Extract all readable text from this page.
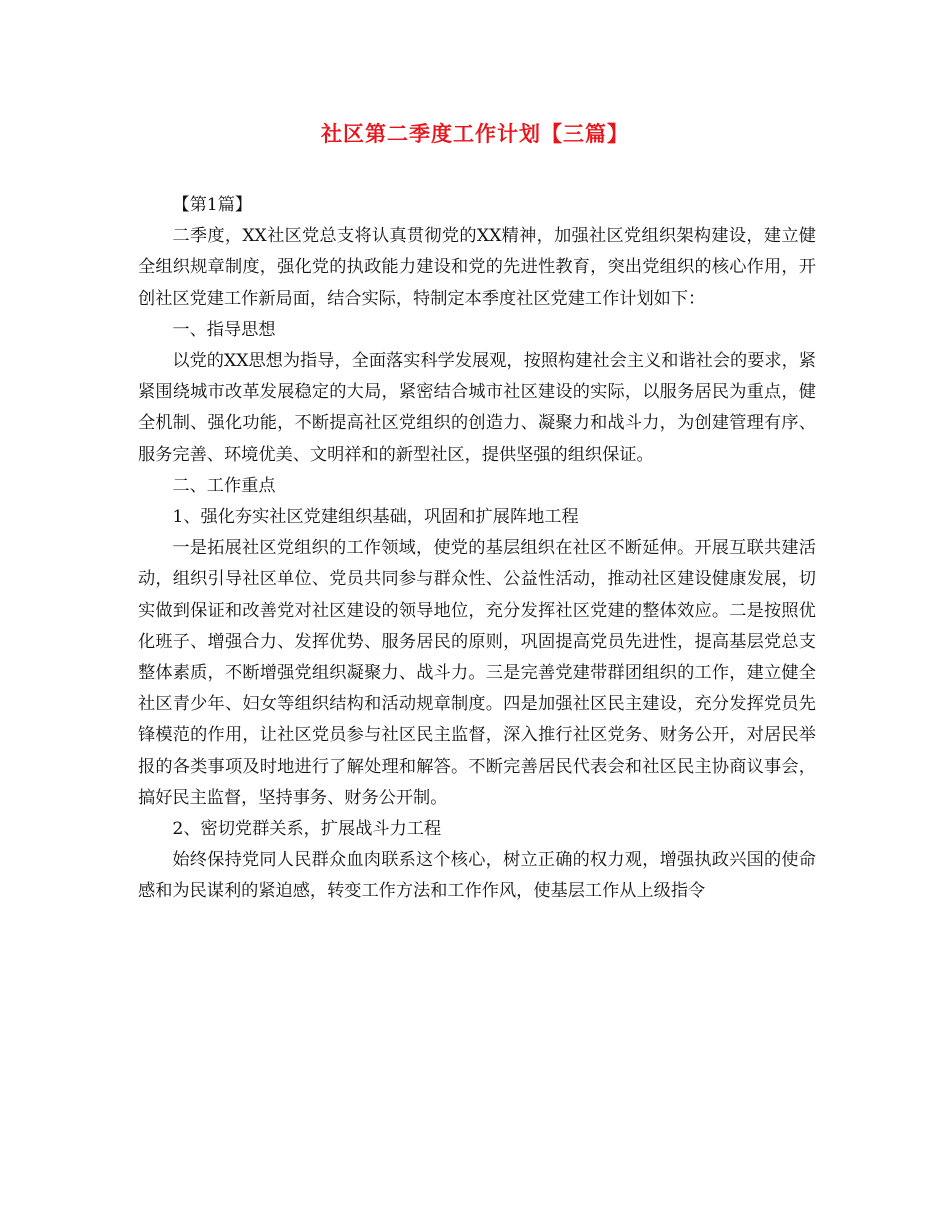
社区第二季度工作计划【三篇】

【第1篇】

二季度，XX社区党总支将认真贯彻党的XX精神，加强社区党组织架构建设，建立健全组织规章制度，强化党的执政能力建设和党的先进性教育，突出党组织的核心作用，开创社区党建工作新局面，结合实际，特制定本季度社区党建工作计划如下：

一、指导思想

以党的XX思想为指导，全面落实科学发展观，按照构建社会主义和谐社会的要求，紧紧围绕城市改革发展稳定的大局，紧密结合城市社区建设的实际，以服务居民为重点，健全机制、强化功能，不断提高社区党组织的创造力、凝聚力和战斗力，为创建管理有序、服务完善、环境优美、文明祥和的新型社区，提供坚强的组织保证。

二、工作重点

1、强化夯实社区党建组织基础，巩固和扩展阵地工程

一是拓展社区党组织的工作领域，使党的基层组织在社区不断延伸。开展互联共建活动，组织引导社区单位、党员共同参与群众性、公益性活动，推动社区建设健康发展，切实做到保证和改善党对社区建设的领导地位，充分发挥社区党建的整体效应。二是按照优化班子、增强合力、发挥优势、服务居民的原则，巩固提高党员先进性，提高基层党总支整体素质，不断增强党组织凝聚力、战斗力。三是完善党建带群团组织的工作，建立健全社区青少年、妇女等组织结构和活动规章制度。四是加强社区民主建设，充分发挥党员先锋模范的作用，让社区党员参与社区民主监督，深入推行社区党务、财务公开，对居民举报的各类事项及时地进行了解处理和解答。不断完善居民代表会和社区民主协商议事会，搞好民主监督，坚持事务、财务公开制。

2、密切党群关系，扩展战斗力工程

始终保持党同人民群众血肉联系这个核心，树立正确的权力观，增强执政兴国的使命感和为民谋利的紧迫感，转变工作方法和工作作风，使基层工作从上级指令
